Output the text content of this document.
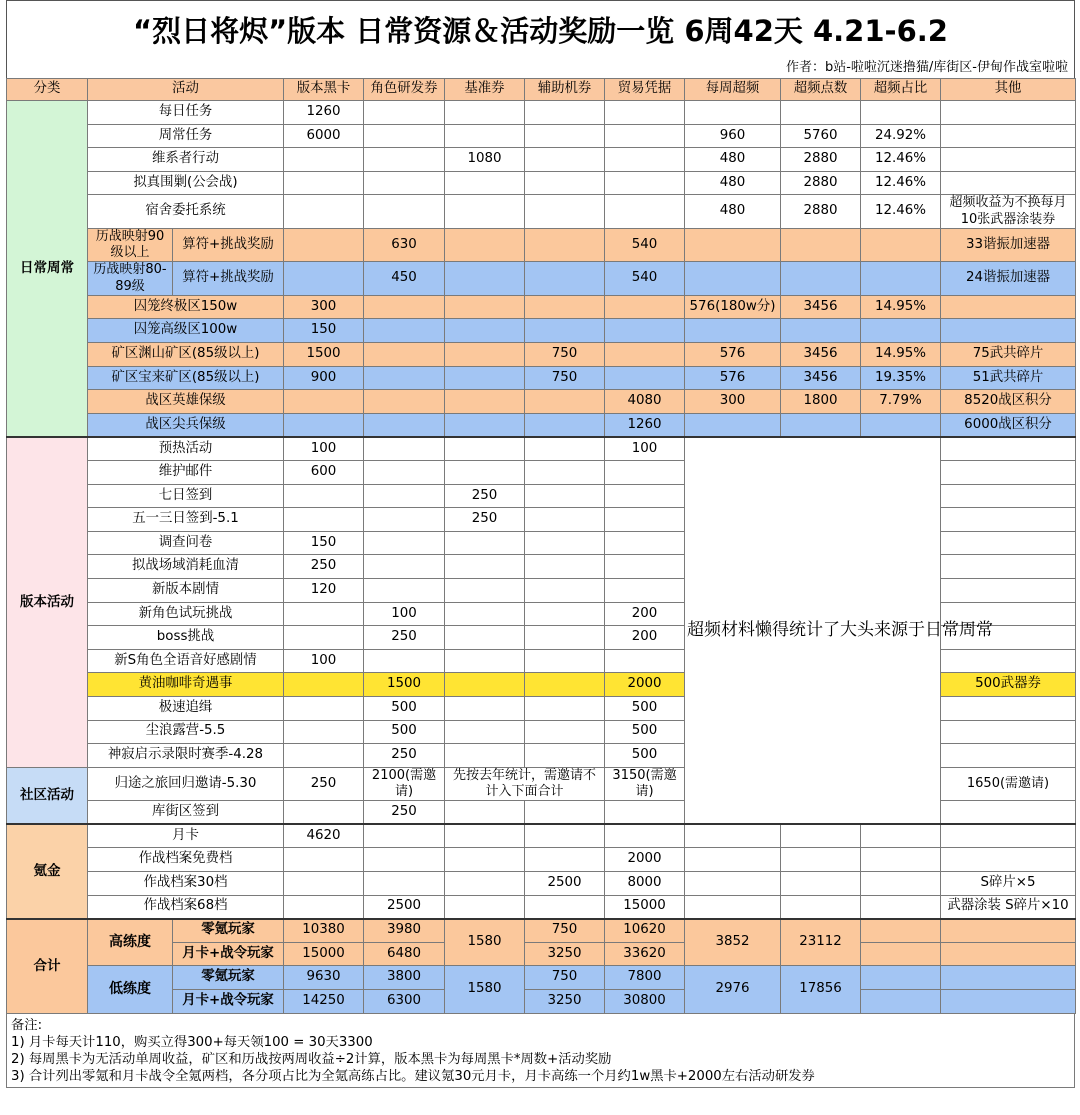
“烈日将烬”版本 日常资源＆活动奖励一览 6周42天 4.21-6.2
作者：b站-啦啦沉迷撸猫/库街区-伊甸作战室啦啦
分类	活动		版本黑卡	角色研发券	基准券	辅助机券	贸易凭据	每周超频	超频点数	超频占比	其他
日常周常	每日任务		1260								
	周常任务		6000					960	5760	24.92%	
	维系者行动				1080			480	2880	12.46%	
	拟真围剿(公会战)							480	2880	12.46%	
	宿舍委托系统							480	2880	12.46%	超频收益为不换每月10张武器涂装券
	历战映射90级以上	算符+挑战奖励		630			540				33谐振加速器
	历战映射80-89级	算符+挑战奖励		450			540				24谐振加速器
	囚笼终极区150w		300					576(180w分)	3456	14.95%	
	囚笼高级区100w		150								
	矿区渊山矿区(85级以上)		1500			750		576	3456	14.95%	75武共碎片
	矿区宝来矿区(85级以上)		900			750		576	3456	19.35%	51武共碎片
	战区英雄保级						4080	300	1800	7.79%	8520战区积分
	战区尖兵保级						1260				6000战区积分
版本活动	预热活动		100				100	超频材料懒得统计了大头来源于日常周常			
	维护邮件		600								
	七日签到				250						
	五一三日签到-5.1				250						
	调查问卷		150								
	拟战场域消耗血清		250								
	新版本剧情		120								
	新角色试玩挑战			100			200				
	boss挑战			250			200				
	新S角色全语音好感剧情		100								
	黄油咖啡奇遇事			1500			2000				500武器券
	极速追缉			500			500				
	尘浪露营-5.5			500			500				
	神寂启示录限时赛季-4.28			250			500				
社区活动	归途之旅回归邀请-5.30		250	2100(需邀请)	先按去年统计，需邀请不计入下面合计		3150(需邀请)				1650(需邀请)
	库街区签到			250							
氪金	月卡		4620								
	作战档案免费档						2000				
	作战档案30档					2500	8000				S碎片×5
	作战档案68档			2500			15000				武器涂装 S碎片×10
合计	高练度	零氪玩家	10380	3980	1580	750	10620	3852	23112		
		月卡+战令玩家	15000	6480		3250	33620				
	低练度	零氪玩家	9630	3800	1580	750	7800	2976	17856		
		月卡+战令玩家	14250	6300		3250	30800				
备注:
1) 月卡每天计110，购买立得300+每天领100 = 30天3300
2) 每周黑卡为无活动单周收益，矿区和历战按两周收益÷2计算，版本黑卡为每周黑卡*周数+活动奖励
3) 合计列出零氪和月卡战令全氪两档，各分项占比为全氪高练占比。建议氪30元月卡，月卡高练一个月约1w黑卡+2000左右活动研发券
